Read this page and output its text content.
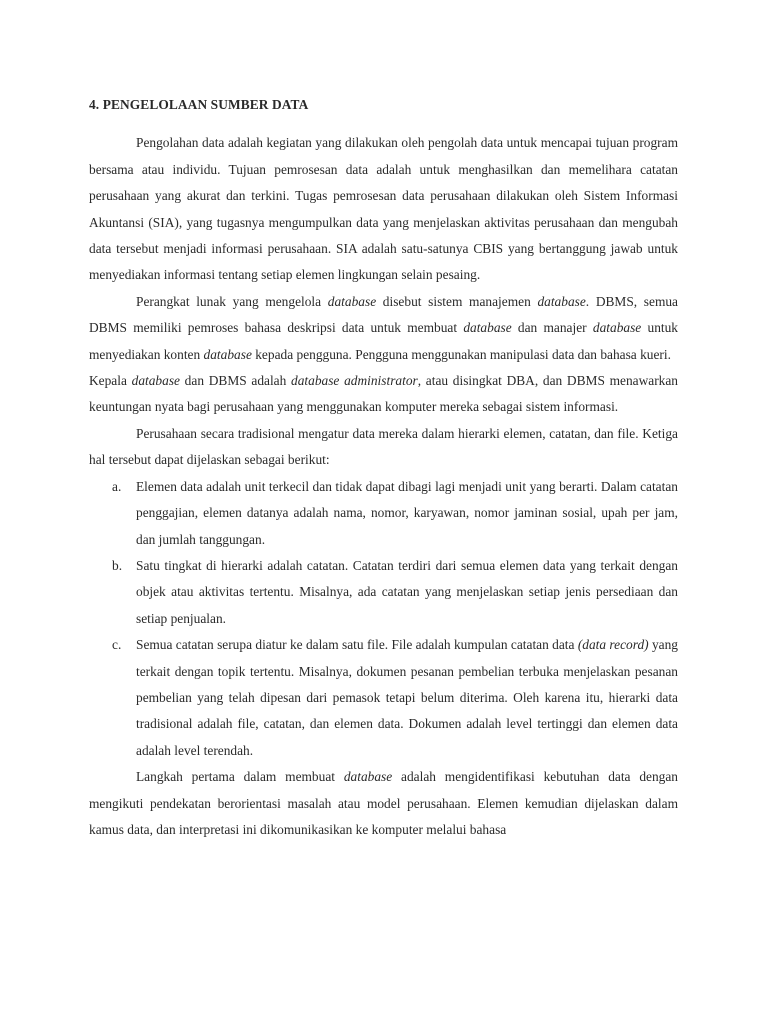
4. PENGELOLAAN SUMBER DATA

Pengolahan data adalah kegiatan yang dilakukan oleh pengolah data untuk mencapai tujuan program bersama atau individu. Tujuan pemrosesan data adalah untuk menghasilkan dan memelihara catatan perusahaan yang akurat dan terkini. Tugas pemrosesan data perusahaan dilakukan oleh Sistem Informasi Akuntansi (SIA), yang tugasnya mengumpulkan data yang menjelaskan aktivitas perusahaan dan mengubah data tersebut menjadi informasi perusahaan. SIA adalah satu-satunya CBIS yang bertanggung jawab untuk menyediakan informasi tentang setiap elemen lingkungan selain pesaing.

Perangkat lunak yang mengelola database disebut sistem manajemen database. DBMS, semua DBMS memiliki pemroses bahasa deskripsi data untuk membuat database dan manajer database untuk menyediakan konten database kepada pengguna. Pengguna menggunakan manipulasi data dan bahasa kueri.

Kepala database dan DBMS adalah database administrator, atau disingkat DBA, dan DBMS menawarkan keuntungan nyata bagi perusahaan yang menggunakan komputer mereka sebagai sistem informasi.

Perusahaan secara tradisional mengatur data mereka dalam hierarki elemen, catatan, dan file. Ketiga hal tersebut dapat dijelaskan sebagai berikut:

a. Elemen data adalah unit terkecil dan tidak dapat dibagi lagi menjadi unit yang berarti. Dalam catatan penggajian, elemen datanya adalah nama, nomor, karyawan, nomor jaminan sosial, upah per jam, dan jumlah tanggungan.
b. Satu tingkat di hierarki adalah catatan. Catatan terdiri dari semua elemen data yang terkait dengan objek atau aktivitas tertentu. Misalnya, ada catatan yang menjelaskan setiap jenis persediaan dan setiap penjualan.
c. Semua catatan serupa diatur ke dalam satu file. File adalah kumpulan catatan data (data record) yang terkait dengan topik tertentu. Misalnya, dokumen pesanan pembelian terbuka menjelaskan pesanan pembelian yang telah dipesan dari pemasok tetapi belum diterima. Oleh karena itu, hierarki data tradisional adalah file, catatan, dan elemen data. Dokumen adalah level tertinggi dan elemen data adalah level terendah.

Langkah pertama dalam membuat database adalah mengidentifikasi kebutuhan data dengan mengikuti pendekatan berorientasi masalah atau model perusahaan. Elemen kemudian dijelaskan dalam kamus data, dan interpretasi ini dikomunikasikan ke komputer melalui bahasa
